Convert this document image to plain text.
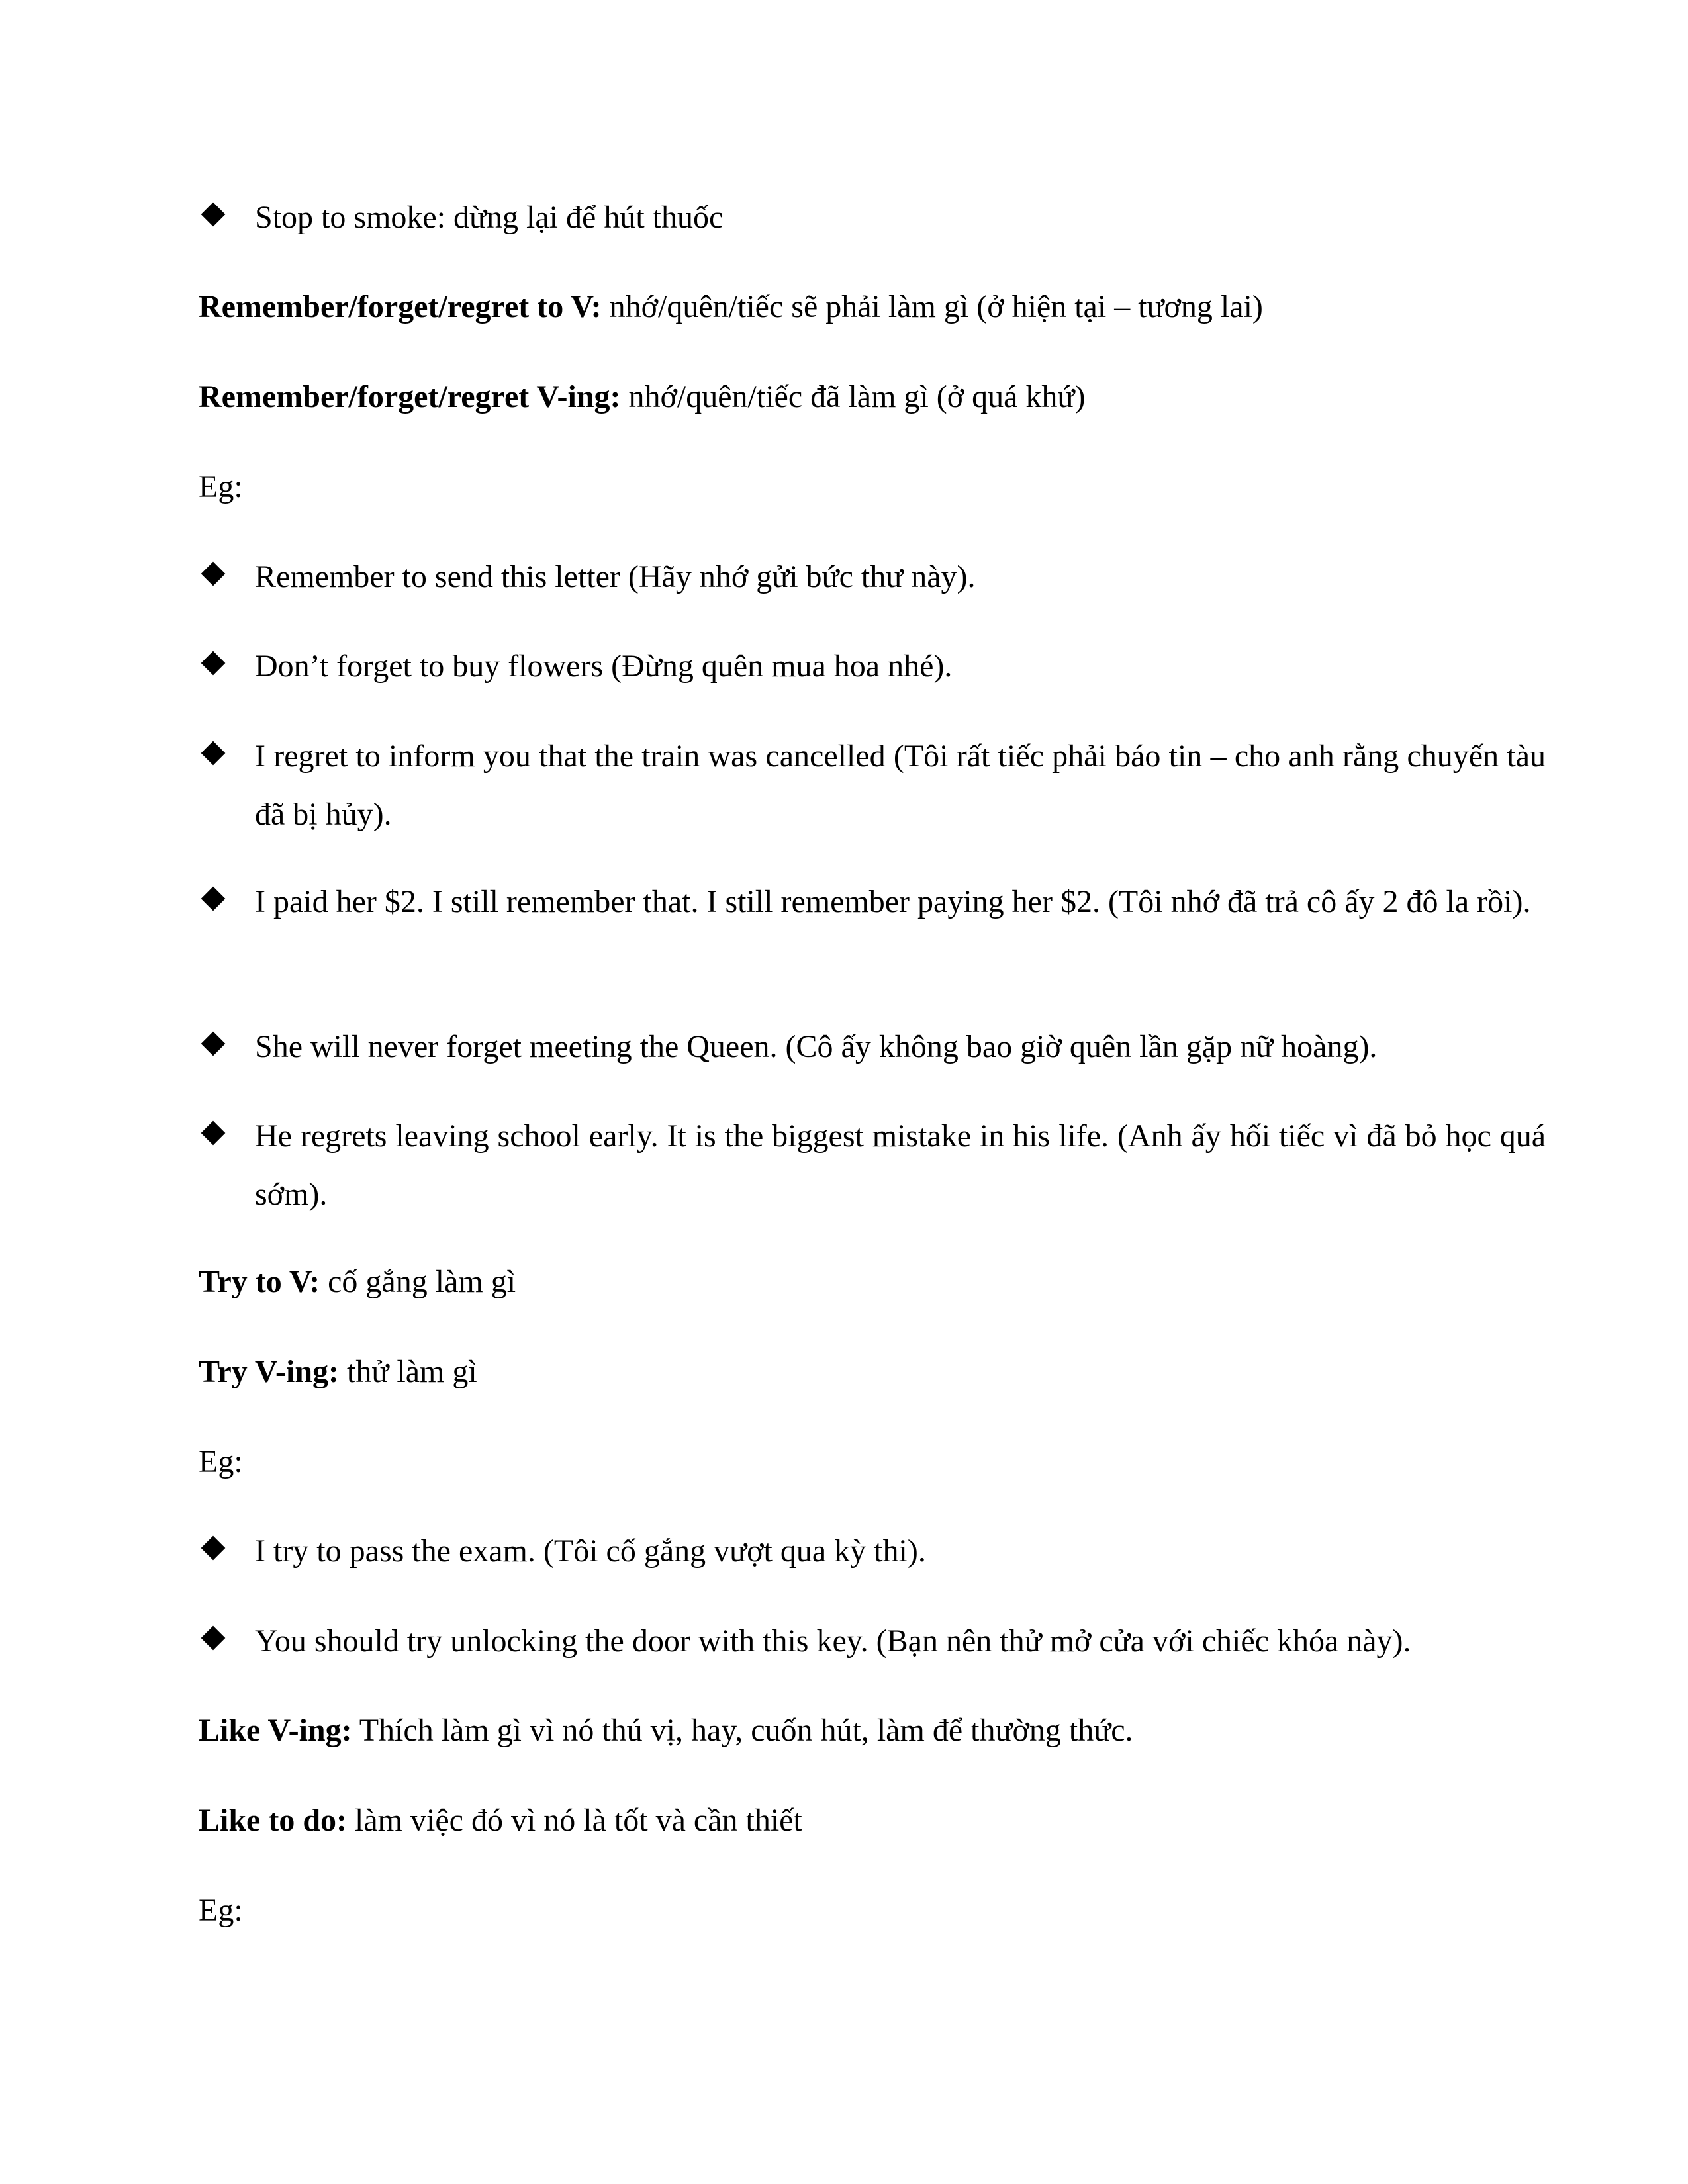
Stop to smoke: dừng lại để hút thuốc
Remember/forget/regret to V: nhớ/quên/tiếc sẽ phải làm gì (ở hiện tại – tương lai)
Remember/forget/regret V-ing: nhớ/quên/tiếc đã làm gì (ở quá khứ)
Eg:
Remember to send this letter (Hãy nhớ gửi bức thư này).
Don’t forget to buy flowers (Đừng quên mua hoa nhé).
I regret to inform you that the train was cancelled (Tôi rất tiếc phải báo tin – cho anh rằng chuyến tàu đã bị hủy).
I paid her $2. I still remember that. I still remember paying her $2. (Tôi nhớ đã trả cô ấy 2 đô la rồi).
She will never forget meeting the Queen. (Cô ấy không bao giờ quên lần gặp nữ hoàng).
He regrets leaving school early. It is the biggest mistake in his life. (Anh ấy hối tiếc vì đã bỏ học quá sớm).
Try to V: cố gắng làm gì
Try V-ing: thử làm gì
Eg:
I try to pass the exam. (Tôi cố gắng vượt qua kỳ thi).
You should try unlocking the door with this key. (Bạn nên thử mở cửa với chiếc khóa này).
Like V-ing: Thích làm gì vì nó thú vị, hay, cuốn hút, làm để thường thức.
Like to do: làm việc đó vì nó là tốt và cần thiết
Eg:
